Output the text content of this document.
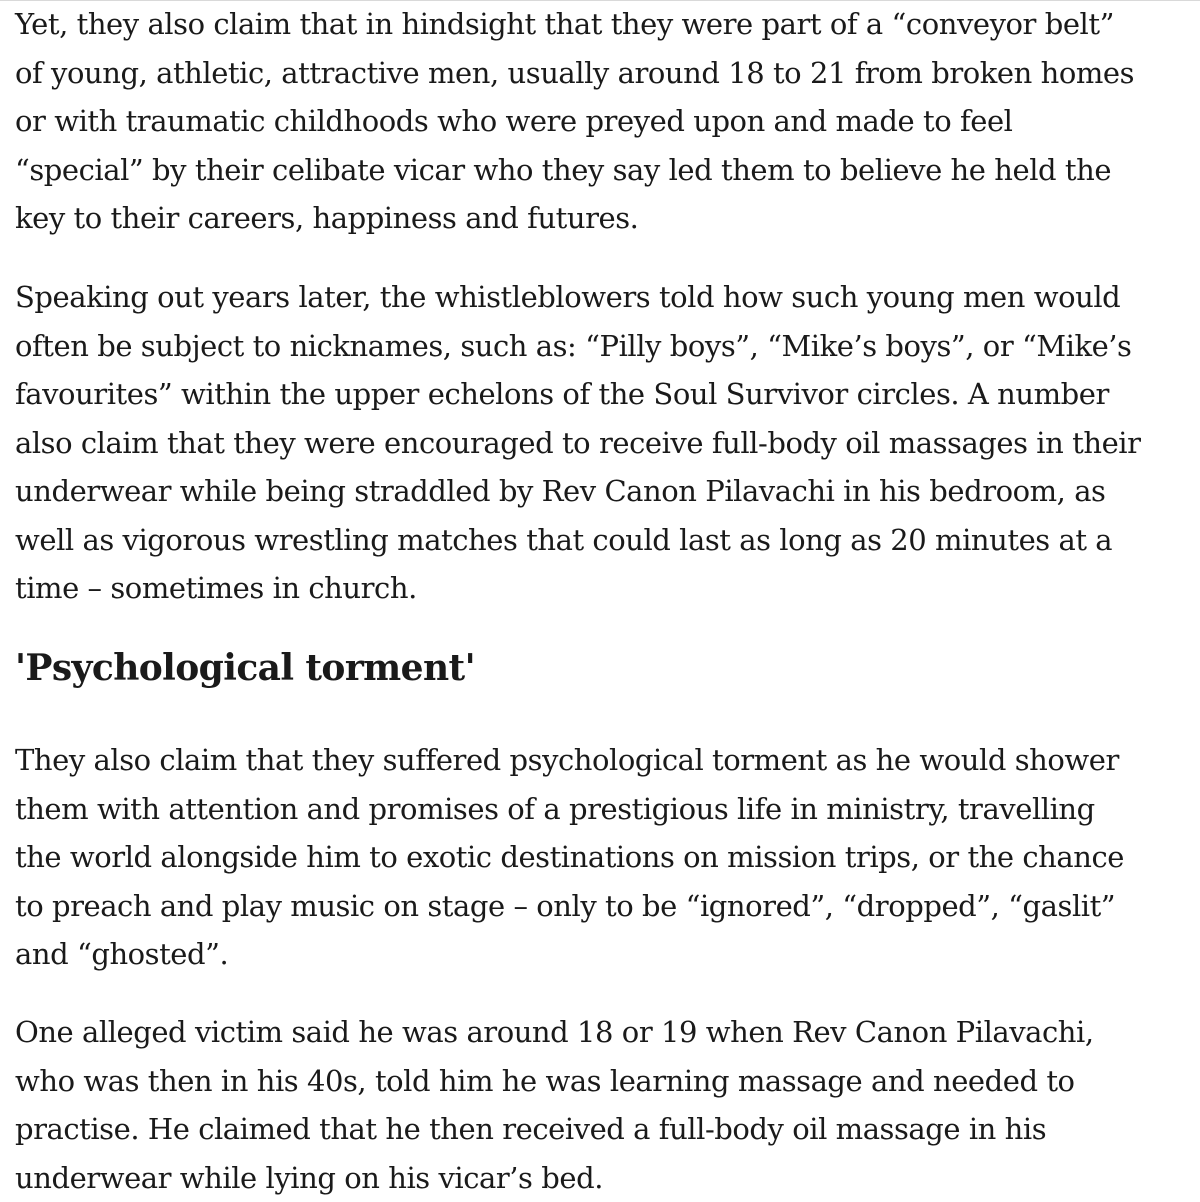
Yet, they also claim that in hindsight that they were part of a “conveyor belt” of young, athletic, attractive men, usually around 18 to 21 from broken homes or with traumatic childhoods who were preyed upon and made to feel “special” by their celibate vicar who they say led them to believe he held the key to their careers, happiness and futures.

Speaking out years later, the whistleblowers told how such young men would often be subject to nicknames, such as: “Pilly boys”, “Mike’s boys”, or “Mike’s favourites” within the upper echelons of the Soul Survivor circles. A number also claim that they were encouraged to receive full-body oil massages in their underwear while being straddled by Rev Canon Pilavachi in his bedroom, as well as vigorous wrestling matches that could last as long as 20 minutes at a time – sometimes in church.

'Psychological torment'

They also claim that they suffered psychological torment as he would shower them with attention and promises of a prestigious life in ministry, travelling the world alongside him to exotic destinations on mission trips, or the chance to preach and play music on stage – only to be “ignored”, “dropped”, “gaslit” and “ghosted”.

One alleged victim said he was around 18 or 19 when Rev Canon Pilavachi, who was then in his 40s, told him he was learning massage and needed to practise. He claimed that he then received a full-body oil massage in his underwear while lying on his vicar’s bed.
